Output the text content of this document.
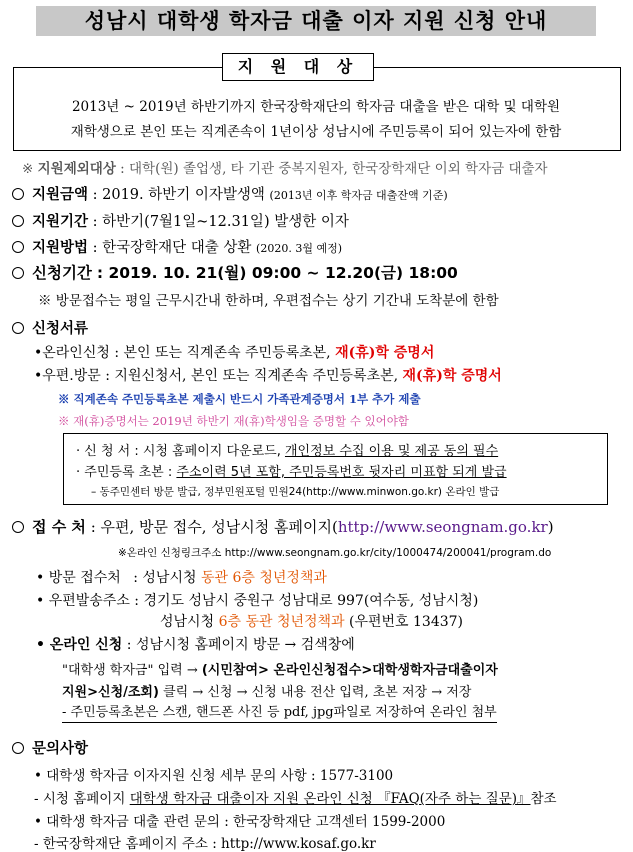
성남시 대학생 학자금 대출 이자 지원 신청 안내
지 원 대 상
2013년 ~ 2019년 하반기까지 한국장학재단의 학자금 대출을 받은 대학 및 대학원
재학생으로 본인 또는 직계존속이 1년이상 성남시에 주민등록이 되어 있는자에 한함
※ 지원제외대상 : 대학(원) 졸업생, 타 기관 중복지원자, 한국장학재단 이외 학자금 대출자
지원금액 : 2019. 하반기 이자발생액 (2013년 이후 학자금 대출잔액 기준)
지원기간 : 하반기(7월1일~12.31일) 발생한 이자
지원방법 : 한국장학재단 대출 상환 (2020. 3월 예정)
신청기간 : 2019. 10. 21(월) 09:00 ~ 12.20(금) 18:00
※ 방문접수는 평일 근무시간내 한하며, 우편접수는 상기 기간내 도착분에 한함
신청서류
•온라인신청 : 본인 또는 직계존속 주민등록초본, 재(휴)학 증명서
•우편.방문 : 지원신청서, 본인 또는 직계존속 주민등록초본, 재(휴)학 증명서
※ 직계존속 주민등록초본 제출시 반드시 가족관계증명서 1부 추가 제출
※ 재(휴)증명서는 2019년 하반기 재(휴)학생임을 증명할 수 있어야함
· 신 청 서 : 시청 홈페이지 다운로드, 개인정보 수집 이용 및 제공 동의 필수
· 주민등록 초본 : 주소이력 5년 포함, 주민등록번호 뒷자리 미표함 되게 발급
– 동주민센터 방문 발급, 정부민원포털 민원24(http://www.minwon.go.kr) 온라인 발급
접 수 처 : 우편, 방문 접수, 성남시청 홈페이지(http://www.seongnam.go.kr)
※온라인 신청링크주소 http://www.seongnam.go.kr/city/1000474/200041/program.do
• 방문 접수처 : 성남시청 동관 6층 청년정책과
• 우편발송주소 : 경기도 성남시 중원구 성남대로 997(여수동, 성남시청)
성남시청 6층 동관 청년정책과 (우편번호 13437)
• 온라인 신청 : 성남시청 홈페이지 방문 → 검색창에
"대학생 학자금" 입력 → (시민참여> 온라인신청접수>대학생학자금대출이자
지원>신청/조회) 클릭 → 신청 → 신청 내용 전산 입력, 초본 저장 → 저장
- 주민등록초본은 스캔, 핸드폰 사진 등 pdf, jpg파일로 저장하여 온라인 첨부
문의사항
• 대학생 학자금 이자지원 신청 세부 문의 사항 : 1577-3100
- 시청 홈페이지 대학생 학자금 대출이자 지원 온라인 신청 『FAQ(자주 하는 질문)』참조
• 대학생 학자금 대출 관련 문의 : 한국장학재단 고객센터 1599-2000
- 한국장학재단 홈페이지 주소 : http://www.kosaf.go.kr
